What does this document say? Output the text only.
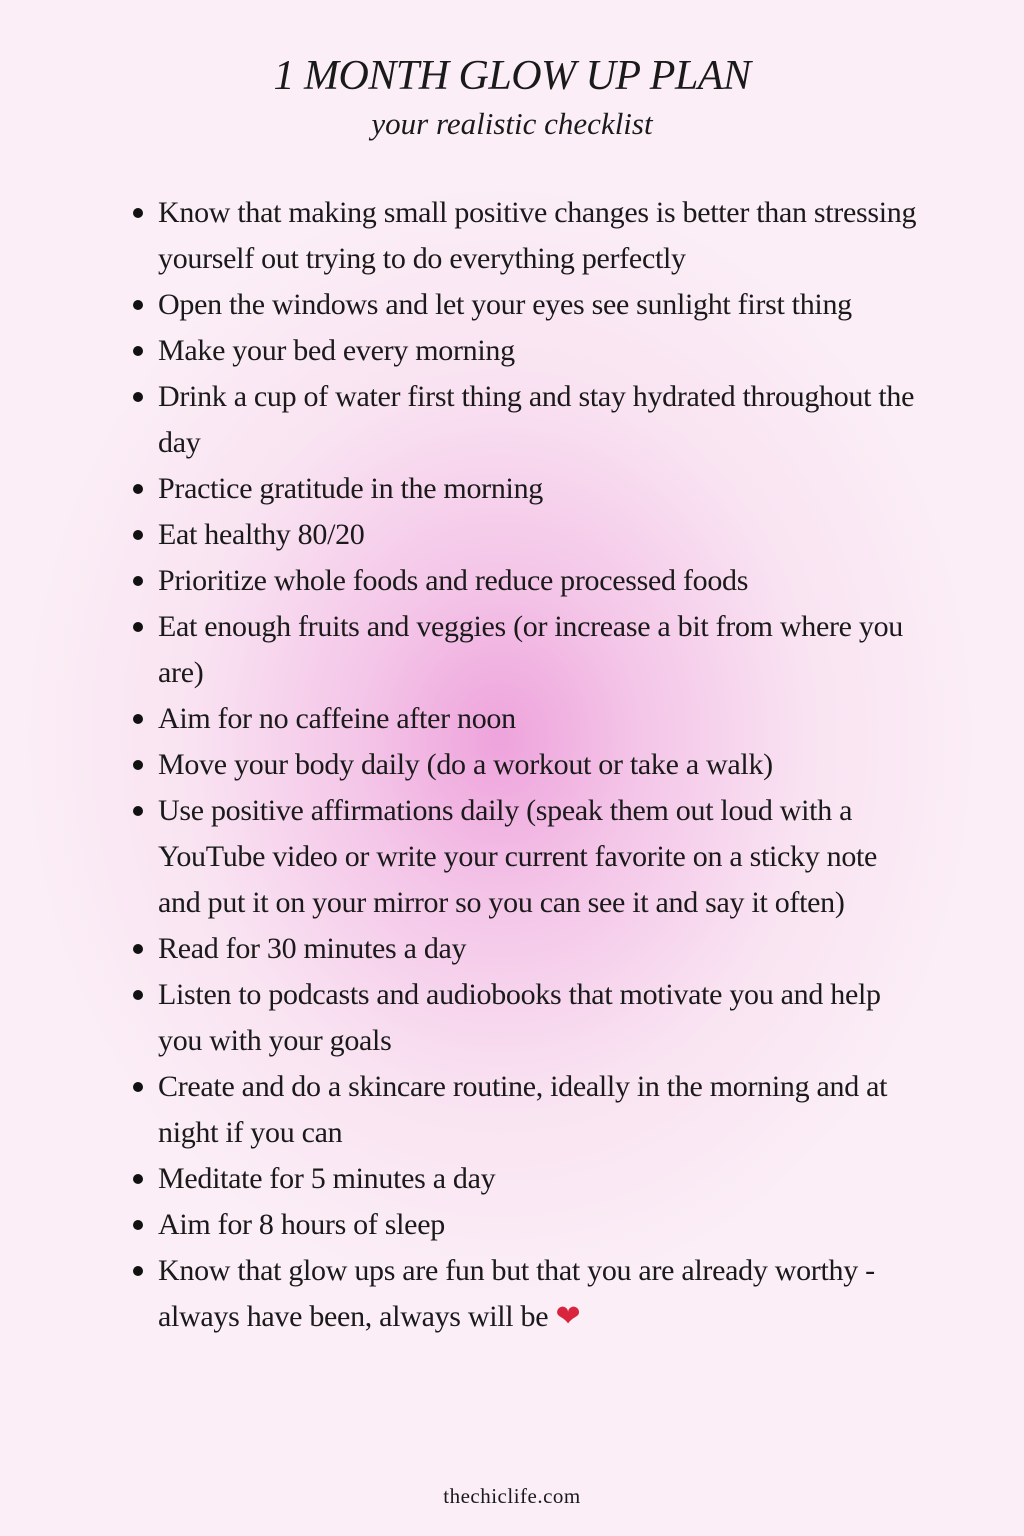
1 MONTH GLOW UP PLAN
your realistic checklist
Know that making small positive changes is better than stressing yourself out trying to do everything perfectly
Open the windows and let your eyes see sunlight first thing
Make your bed every morning
Drink a cup of water first thing and stay hydrated throughout the day
Practice gratitude in the morning
Eat healthy 80/20
Prioritize whole foods and reduce processed foods
Eat enough fruits and veggies (or increase a bit from where you are)
Aim for no caffeine after noon
Move your body daily (do a workout or take a walk)
Use positive affirmations daily (speak them out loud with a YouTube video or write your current favorite on a sticky note and put it on your mirror so you can see it and say it often)
Read for 30 minutes a day
Listen to podcasts and audiobooks that motivate you and help you with your goals
Create and do a skincare routine, ideally in the morning and at night if you can
Meditate for 5 minutes a day
Aim for 8 hours of sleep
Know that glow ups are fun but that you are already worthy - always have been, always will be ❤
thechiclife.com
